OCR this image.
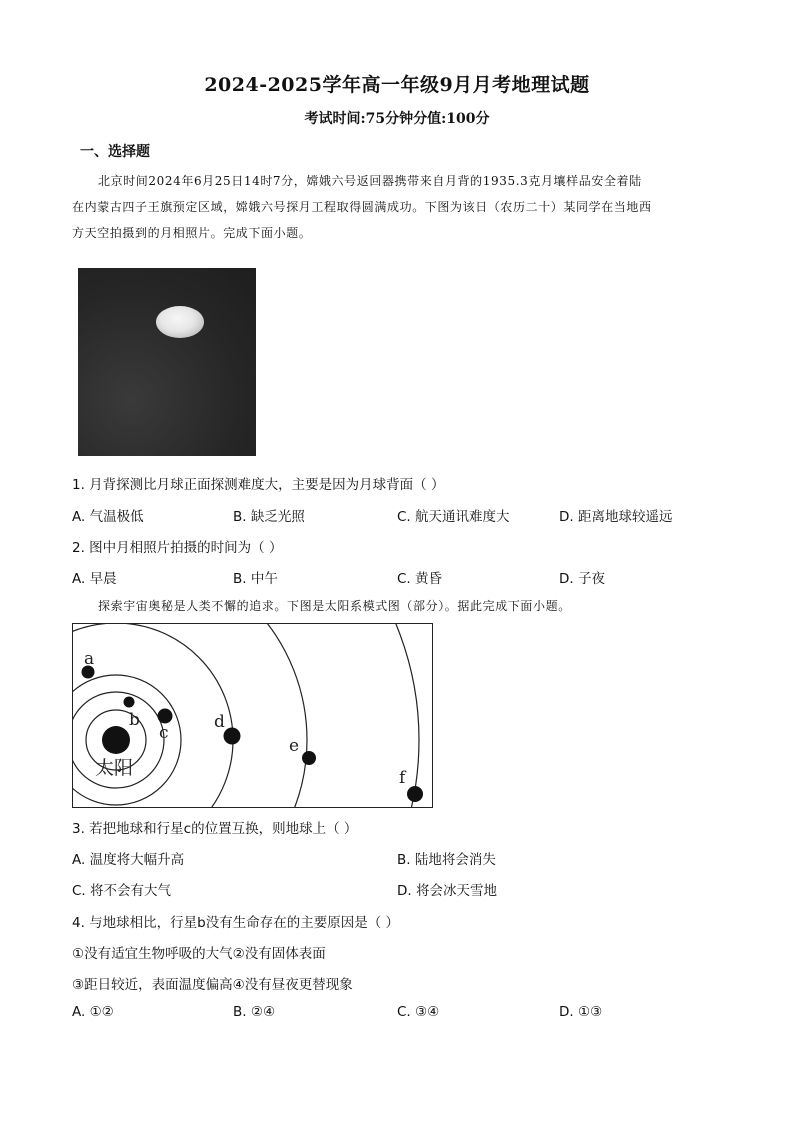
2024-2025学年高一年级9月月考地理试题
考试时间:75分钟分值:100分
一、选择题

北京时间2024年6月25日14时7分，嫦娥六号返回器携带来自月背的1935.3克月壤样品安全着陆

在内蒙古四子王旗预定区域，嫦娥六号探月工程取得圆满成功。下图为该日（农历二十）某同学在当地西

方天空拍摄到的月相照片。完成下面小题。

1. 月背探测比月球正面探测难度大，主要是因为月球背面（ ）
A. 气温极低	B. 缺乏光照	C. 航天通讯难度大	D. 距离地球较遥远
2. 图中月相照片拍摄的时间为（ ）
A. 早晨	B. 中午	C. 黄昏	D. 子夜

探索宇宙奥秘是人类不懈的追求。下图是太阳系模式图（部分）。据此完成下面小题。

太阳
a
b
c
d
e
f
3. 若把地球和行星c的位置互换，则地球上（ ）
A. 温度将大幅升高	B. 陆地将会消失
C. 将不会有大气	D. 将会冰天雪地
4. 与地球相比，行星b没有生命存在的主要原因是（ ）
①没有适宜生物呼吸的大气②没有固体表面
③距日较近，表面温度偏高④没有昼夜更替现象
A. ①②	B. ②④	C. ③④	D. ①③
